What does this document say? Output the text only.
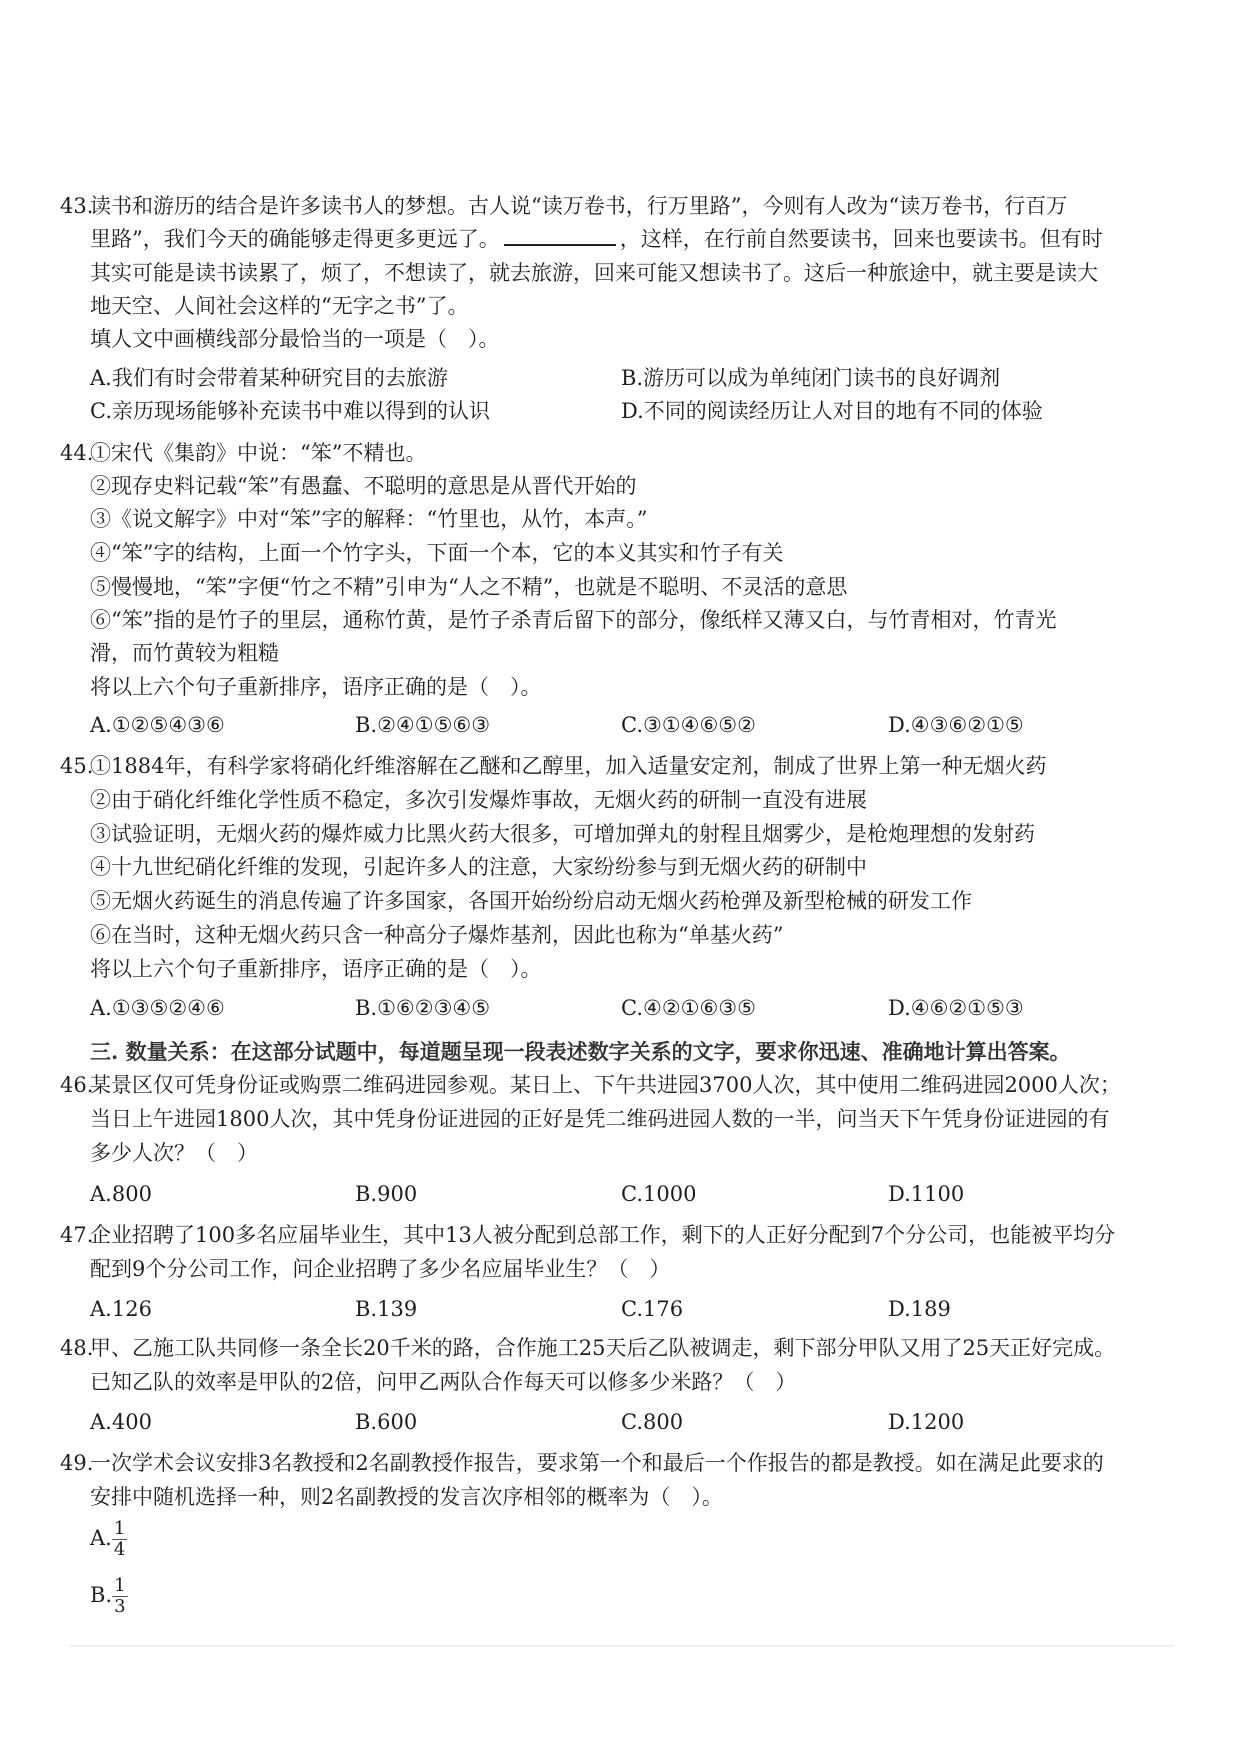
43.
读书和游历的结合是许多读书人的梦想。古人说“读万卷书，行万里路”，今则有人改为“读万卷书，行百万
里路”，我们今天的确能够走得更多更远了。	，这样，在行前自然要读书，回来也要读书。但有时
其实可能是读书读累了，烦了，不想读了，就去旅游，回来可能又想读书了。这后一种旅途中，就主要是读大
地天空、人间社会这样的“无字之书”了。
填人文中画横线部分最恰当的一项是（　）。
A.我们有时会带着某种研究目的去旅游	B.游历可以成为单纯闭门读书的良好调剂
C.亲历现场能够补充读书中难以得到的认识	D.不同的阅读经历让人对目的地有不同的体验
44.
①宋代《集韵》中说：“笨”不精也。
②现存史料记载“笨”有愚蠢、不聪明的意思是从晋代开始的
③《说文解字》中对“笨”字的解释：“竹里也，从竹，本声。”
④“笨”字的结构，上面一个竹字头，下面一个本，它的本义其实和竹子有关
⑤慢慢地，“笨”字便“竹之不精”引申为“人之不精”，也就是不聪明、不灵活的意思
⑥“笨”指的是竹子的里层，通称竹黄，是竹子杀青后留下的部分，像纸样又薄又白，与竹青相对，竹青光
滑，而竹黄较为粗糙
将以上六个句子重新排序，语序正确的是（　）。
A.①②⑤④③⑥	B.②④①⑤⑥③	C.③①④⑥⑤②	D.④③⑥②①⑤
45.
①1884年，有科学家将硝化纤维溶解在乙醚和乙醇里，加入适量安定剂，制成了世界上第一种无烟火药
②由于硝化纤维化学性质不稳定，多次引发爆炸事故，无烟火药的研制一直没有进展
③试验证明，无烟火药的爆炸威力比黑火药大很多，可增加弹丸的射程且烟雾少，是枪炮理想的发射药
④十九世纪硝化纤维的发现，引起许多人的注意，大家纷纷参与到无烟火药的研制中
⑤无烟火药诞生的消息传遍了许多国家，各国开始纷纷启动无烟火药枪弹及新型枪械的研发工作
⑥在当时，这种无烟火药只含一种高分子爆炸基剂，因此也称为“单基火药”
将以上六个句子重新排序，语序正确的是（　）。
A.①③⑤②④⑥	B.①⑥②③④⑤	C.④②①⑥③⑤	D.④⑥②①⑤③
三. 数量关系：在这部分试题中，每道题呈现一段表述数字关系的文字，要求你迅速、准确地计算出答案。
46.
某景区仅可凭身份证或购票二维码进园参观。某日上、下午共进园3700人次，其中使用二维码进园2000人次；
当日上午进园1800人次，其中凭身份证进园的正好是凭二维码进园人数的一半，问当天下午凭身份证进园的有
多少人次？（　）
A.800	B.900	C.1000	D.1100
47.
企业招聘了100多名应届毕业生，其中13人被分配到总部工作，剩下的人正好分配到7个分公司，也能被平均分
配到9个分公司工作，问企业招聘了多少名应届毕业生？（　）
A.126	B.139	C.176	D.189
48.
甲、乙施工队共同修一条全长20千米的路，合作施工25天后乙队被调走，剩下部分甲队又用了25天正好完成。
已知乙队的效率是甲队的2倍，问甲乙两队合作每天可以修多少米路？（　）
A.400	B.600	C.800	D.1200
49.
一次学术会议安排3名教授和2名副教授作报告，要求第一个和最后一个作报告的都是教授。如在满足此要求的
安排中随机选择一种，则2名副教授的发言次序相邻的概率为（　）。
A. $\frac{1}{4}$
B. $\frac{1}{3}$
